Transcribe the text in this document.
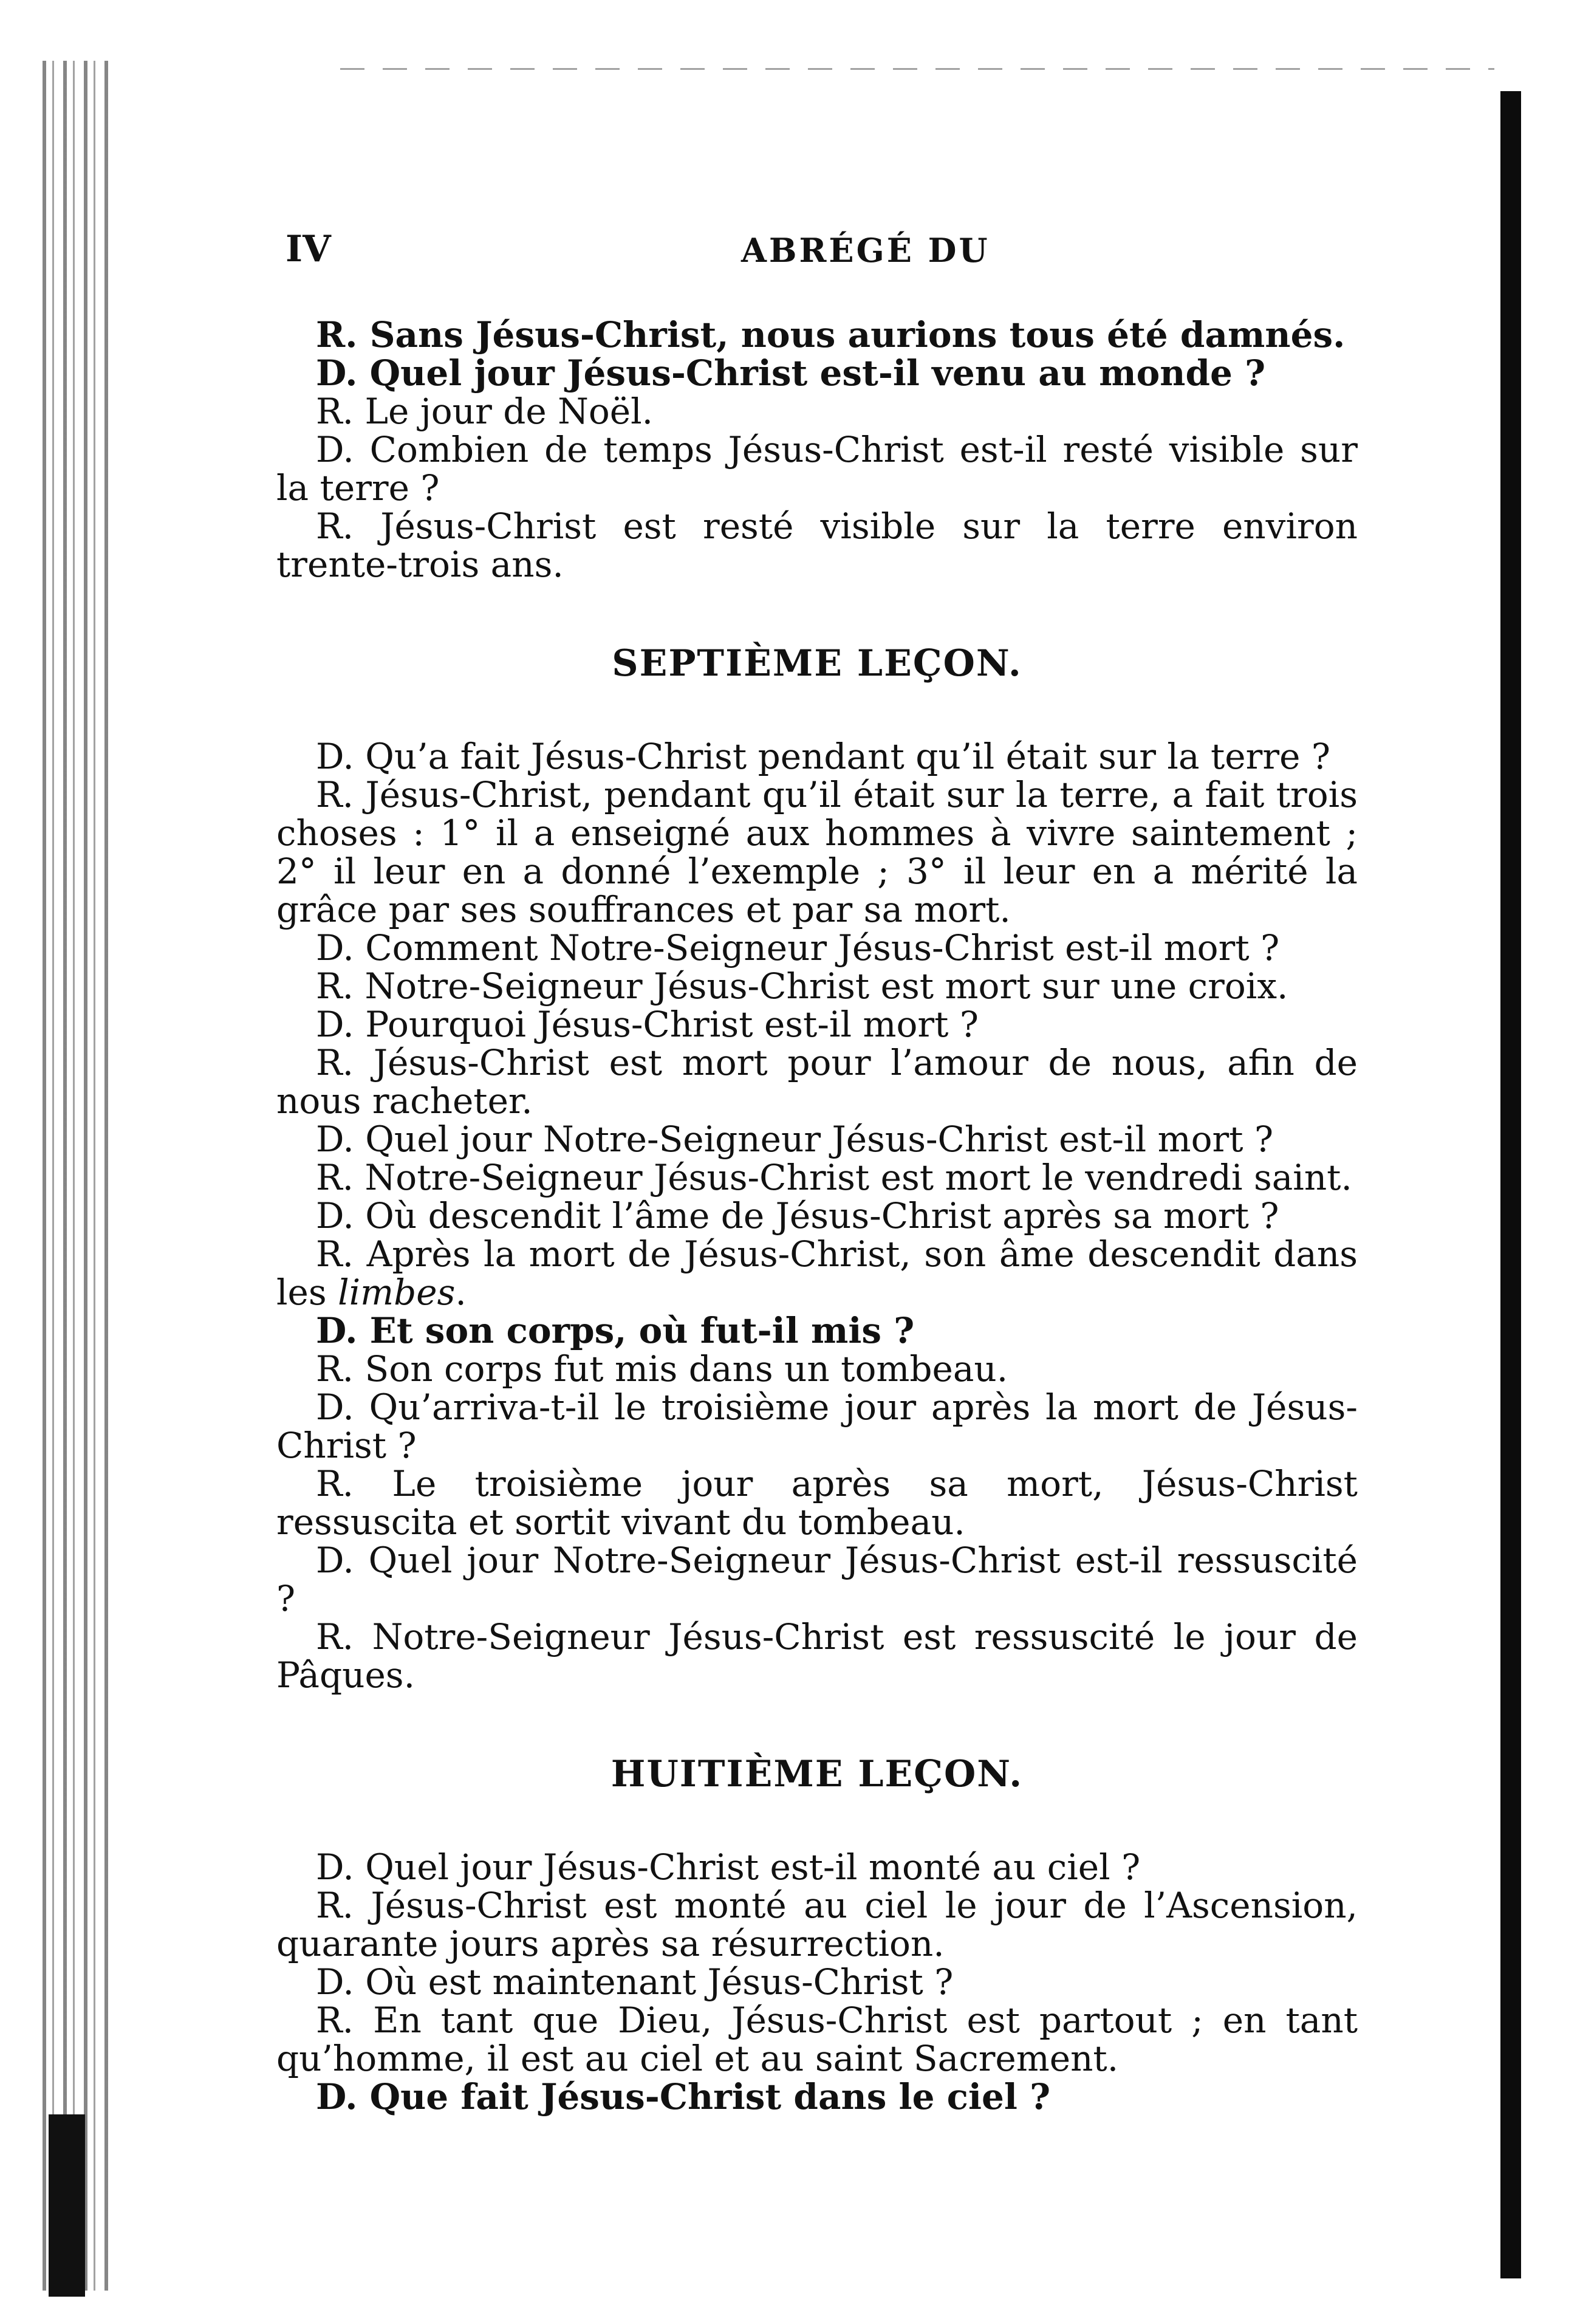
IV	ABRÉGÉ DU

R. Sans Jésus-Christ, nous aurions tous été damnés.

D. Quel jour Jésus-Christ est-il venu au monde ?

R. Le jour de Noël.

D. Combien de temps Jésus-Christ est-il resté visible sur la terre ?

R. Jésus-Christ est resté visible sur la terre environ trente-trois ans.

SEPTIÈME LEÇON.

D. Qu’a fait Jésus-Christ pendant qu’il était sur la terre ?

R. Jésus-Christ, pendant qu’il était sur la terre, a fait trois choses : 1° il a enseigné aux hommes à vivre saintement ; 2° il leur en a donné l’exemple ; 3° il leur en a mérité la grâce par ses souffrances et par sa mort.

D. Comment Notre-Seigneur Jésus-Christ est-il mort ?

R. Notre-Seigneur Jésus-Christ est mort sur une croix.

D. Pourquoi Jésus-Christ est-il mort ?

R. Jésus-Christ est mort pour l’amour de nous, afin de nous racheter.

D. Quel jour Notre-Seigneur Jésus-Christ est-il mort ?

R. Notre-Seigneur Jésus-Christ est mort le vendredi saint.

D. Où descendit l’âme de Jésus-Christ après sa mort ?

R. Après la mort de Jésus-Christ, son âme descendit dans les limbes.

D. Et son corps, où fut-il mis ?

R. Son corps fut mis dans un tombeau.

D. Qu’arriva-t-il le troisième jour après la mort de Jésus-Christ ?

R. Le troisième jour après sa mort, Jésus-Christ ressuscita et sortit vivant du tombeau.

D. Quel jour Notre-Seigneur Jésus-Christ est-il ressuscité ?

R. Notre-Seigneur Jésus-Christ est ressuscité le jour de Pâques.

HUITIÈME LEÇON.

D. Quel jour Jésus-Christ est-il monté au ciel ?

R. Jésus-Christ est monté au ciel le jour de l’Ascension, quarante jours après sa résurrection.

D. Où est maintenant Jésus-Christ ?

R. En tant que Dieu, Jésus-Christ est partout ; en tant qu’homme, il est au ciel et au saint Sacrement.

D. Que fait Jésus-Christ dans le ciel ?
